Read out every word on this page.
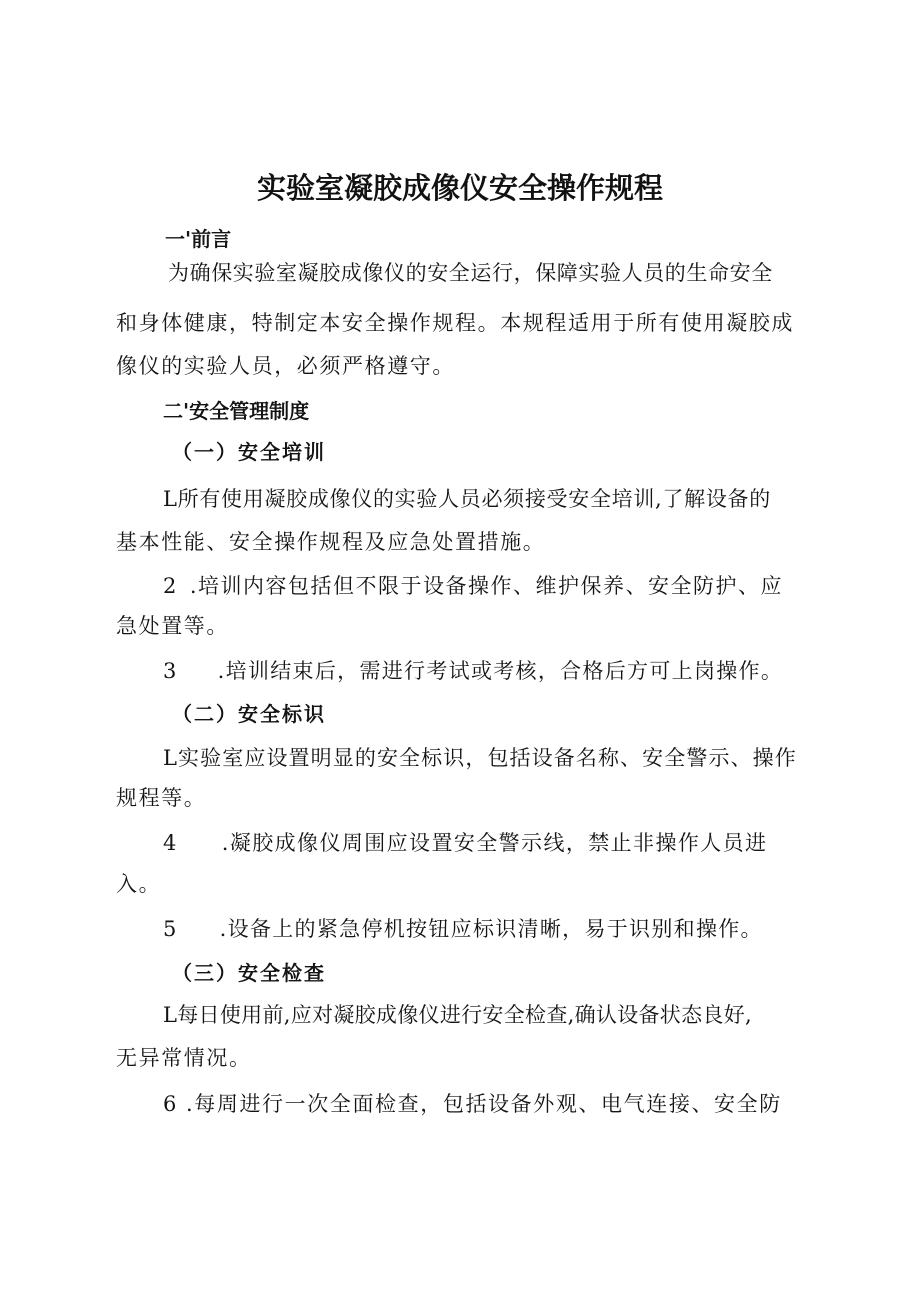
实验室凝胶成像仪安全操作规程

一'前言

为确保实验室凝胶成像仪的安全运行，保障实验人员的生命安全

和身体健康，特制定本安全操作规程。本规程适用于所有使用凝胶成

像仪的实验人员，必须严格遵守。

二'安全管理制度

（一）安全培训

L所有使用凝胶成像仪的实验人员必须接受安全培训,了解设备的

基本性能、安全操作规程及应急处置措施。

2 .培训内容包括但不限于设备操作、维护保养、安全防护、应

急处置等。

3 .培训结束后，需进行考试或考核，合格后方可上岗操作。

（二）安全标识

L实验室应设置明显的安全标识，包括设备名称、安全警示、操作

规程等。

4 .凝胶成像仪周围应设置安全警示线，禁止非操作人员进

入。

5 .设备上的紧急停机按钮应标识清晰，易于识别和操作。

（三）安全检查

L每日使用前,应对凝胶成像仪进行安全检查,确认设备状态良好,

无异常情况。

6 .每周进行一次全面检查，包括设备外观、电气连接、安全防
